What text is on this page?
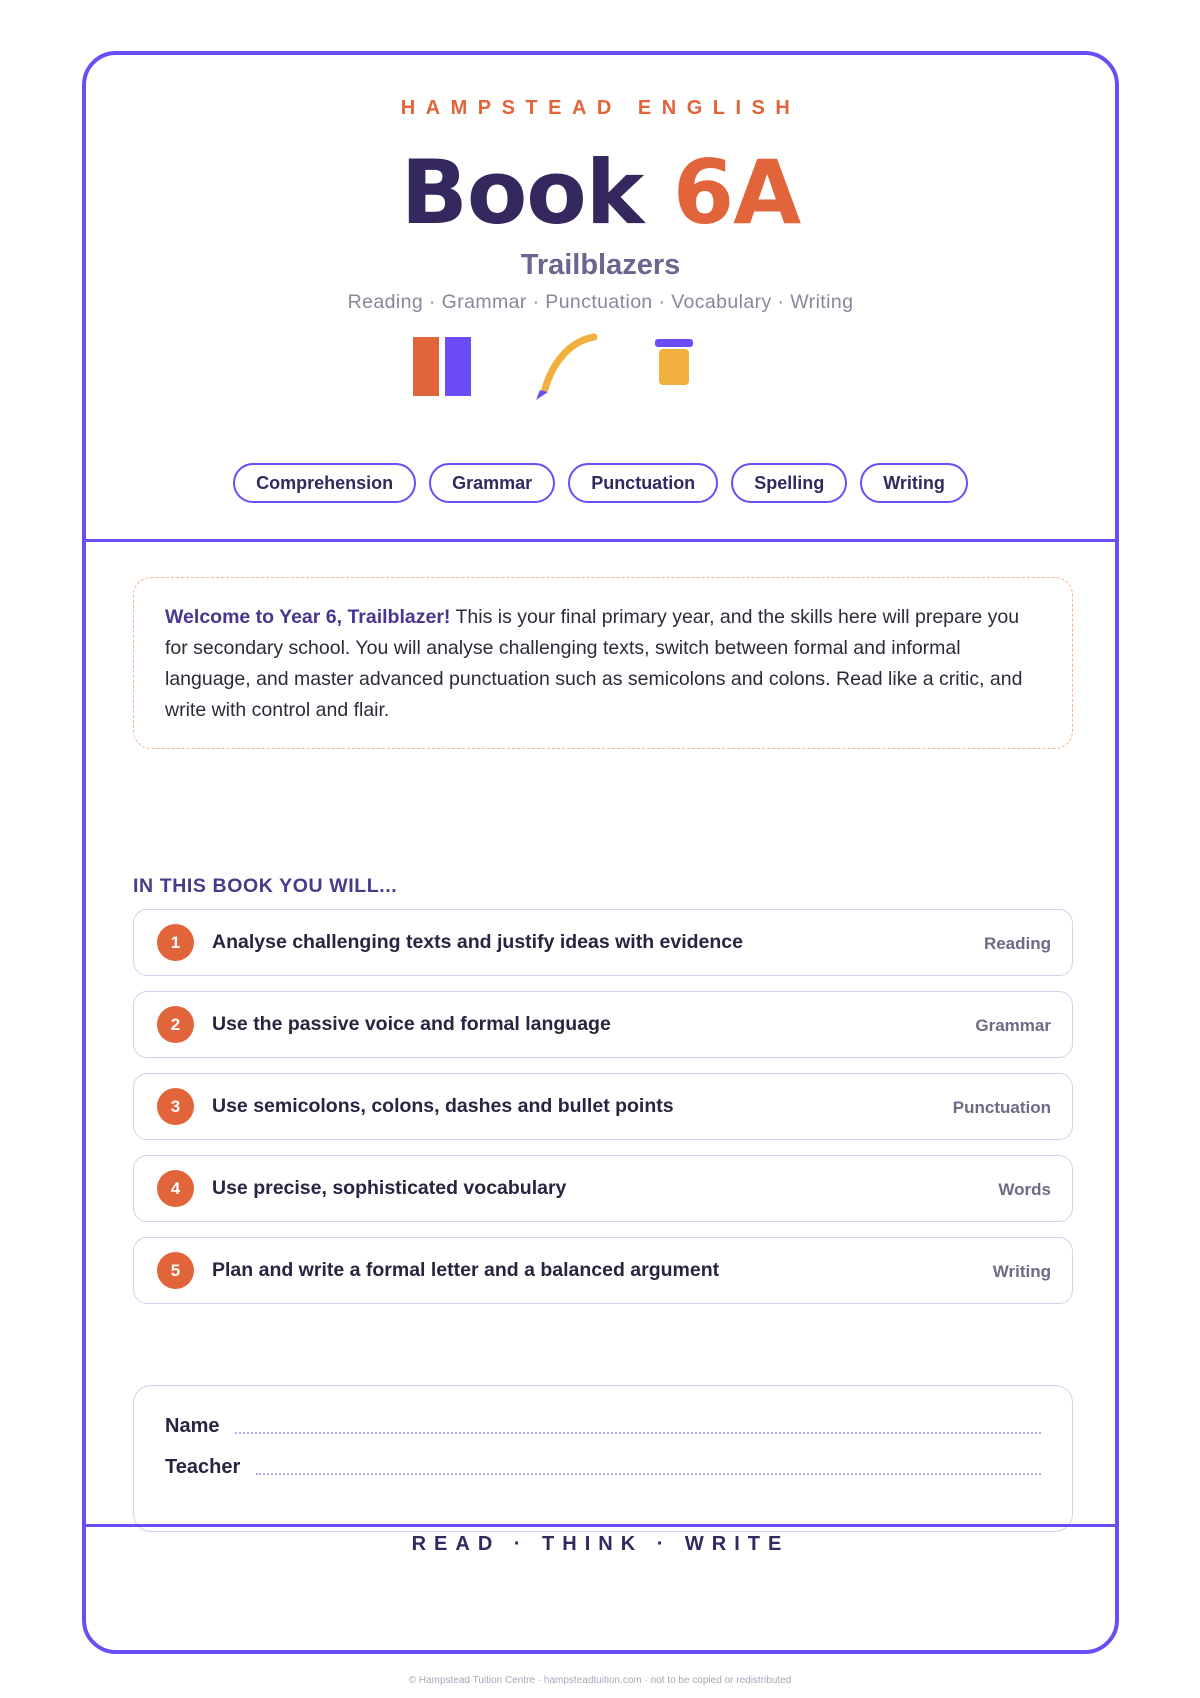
HAMPSTEAD ENGLISH
Book 6A
Trailblazers
Reading · Grammar · Punctuation · Vocabulary · Writing
Comprehension	Grammar	Punctuation	Spelling	Writing
Welcome to Year 6, Trailblazer! This is your final primary year, and the skills here will prepare you for secondary school. You will analyse challenging texts, switch between formal and informal language, and master advanced punctuation such as semicolons and colons. Read like a critic, and write with control and flair.
IN THIS BOOK YOU WILL...
1	Analyse challenging texts and justify ideas with evidence	Reading
2	Use the passive voice and formal language	Grammar
3	Use semicolons, colons, dashes and bullet points	Punctuation
4	Use precise, sophisticated vocabulary	Words
5	Plan and write a formal letter and a balanced argument	Writing
Name
Teacher
READ · THINK · WRITE
© Hampstead Tuition Centre · hampsteadtuition.com · not to be copied or redistributed
